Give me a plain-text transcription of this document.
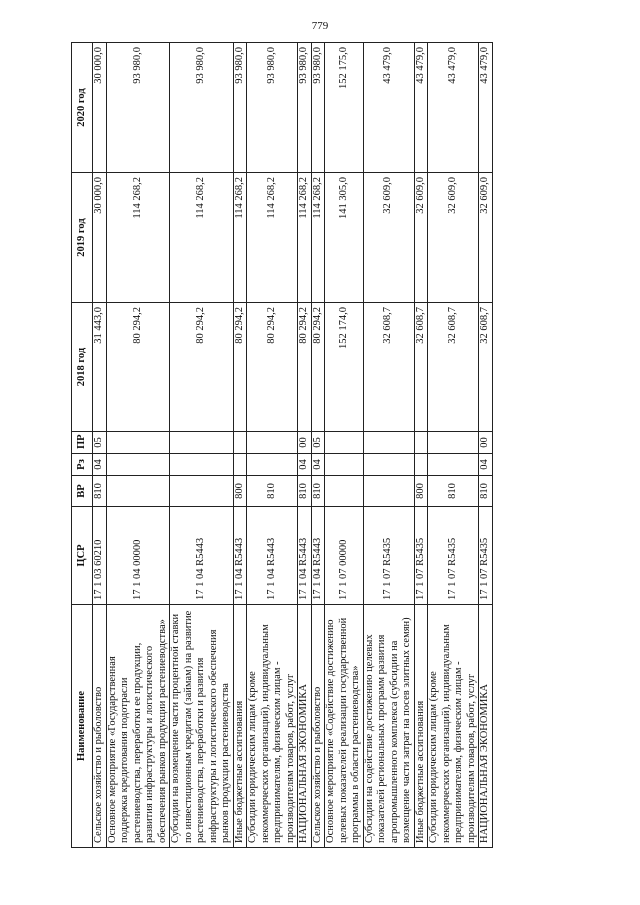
779
Наименование	ЦСР	ВР	Рз	ПР	2018 год	2019 год	2020 год
Сельское хозяйство и рыболовство	17 1 03 60210	810	04	05	31 443,0	30 000,0	30 000,0
Основное мероприятие «Государственная поддержка кредитования подотрасли растениеводства, переработки ее продукции, развития инфраструктуры и логистического обеспечения рынков продукции растениеводства»	17 1 04 00000				80 294,2	114 268,2	93 980,0
Субсидии на возмещение части процентной ставки по инвестиционным кредитам (займам) на развитие растениеводства, переработки и развития инфраструктуры и логистического обеспечения рынков продукции растениеводства	17 1 04 R5443				80 294,2	114 268,2	93 980,0
Иные бюджетные ассигнования	17 1 04 R5443	800			80 294,2	114 268,2	93 980,0
Субсидии юридическим лицам (кроме некоммерческих организаций), индивидуальным предпринимателям, физическим лицам - производителям товаров, работ, услуг	17 1 04 R5443	810			80 294,2	114 268,2	93 980,0
НАЦИОНАЛЬНАЯ ЭКОНОМИКА	17 1 04 R5443	810	04	00	80 294,2	114 268,2	93 980,0
Сельское хозяйство и рыболовство	17 1 04 R5443	810	04	05	80 294,2	114 268,2	93 980,0
Основное мероприятие «Содействие достижению целевых показателей реализации государственной программы в области растениеводства»	17 1 07 00000				152 174,0	141 305,0	152 175,0
Субсидии на содействие достижению целевых показателей региональных программ развития агропромышленного комплекса (субсидии на возмещение части затрат на посев элитных семян)	17 1 07 R5435				32 608,7	32 609,0	43 479,0
Иные бюджетные ассигнования	17 1 07 R5435	800			32 608,7	32 609,0	43 479,0
Субсидии юридическим лицам (кроме некоммерческих организаций), индивидуальным предпринимателям, физическим лицам - производителям товаров, работ, услуг	17 1 07 R5435	810			32 608,7	32 609,0	43 479,0
НАЦИОНАЛЬНАЯ ЭКОНОМИКА	17 1 07 R5435	810	04	00	32 608,7	32 609,0	43 479,0
